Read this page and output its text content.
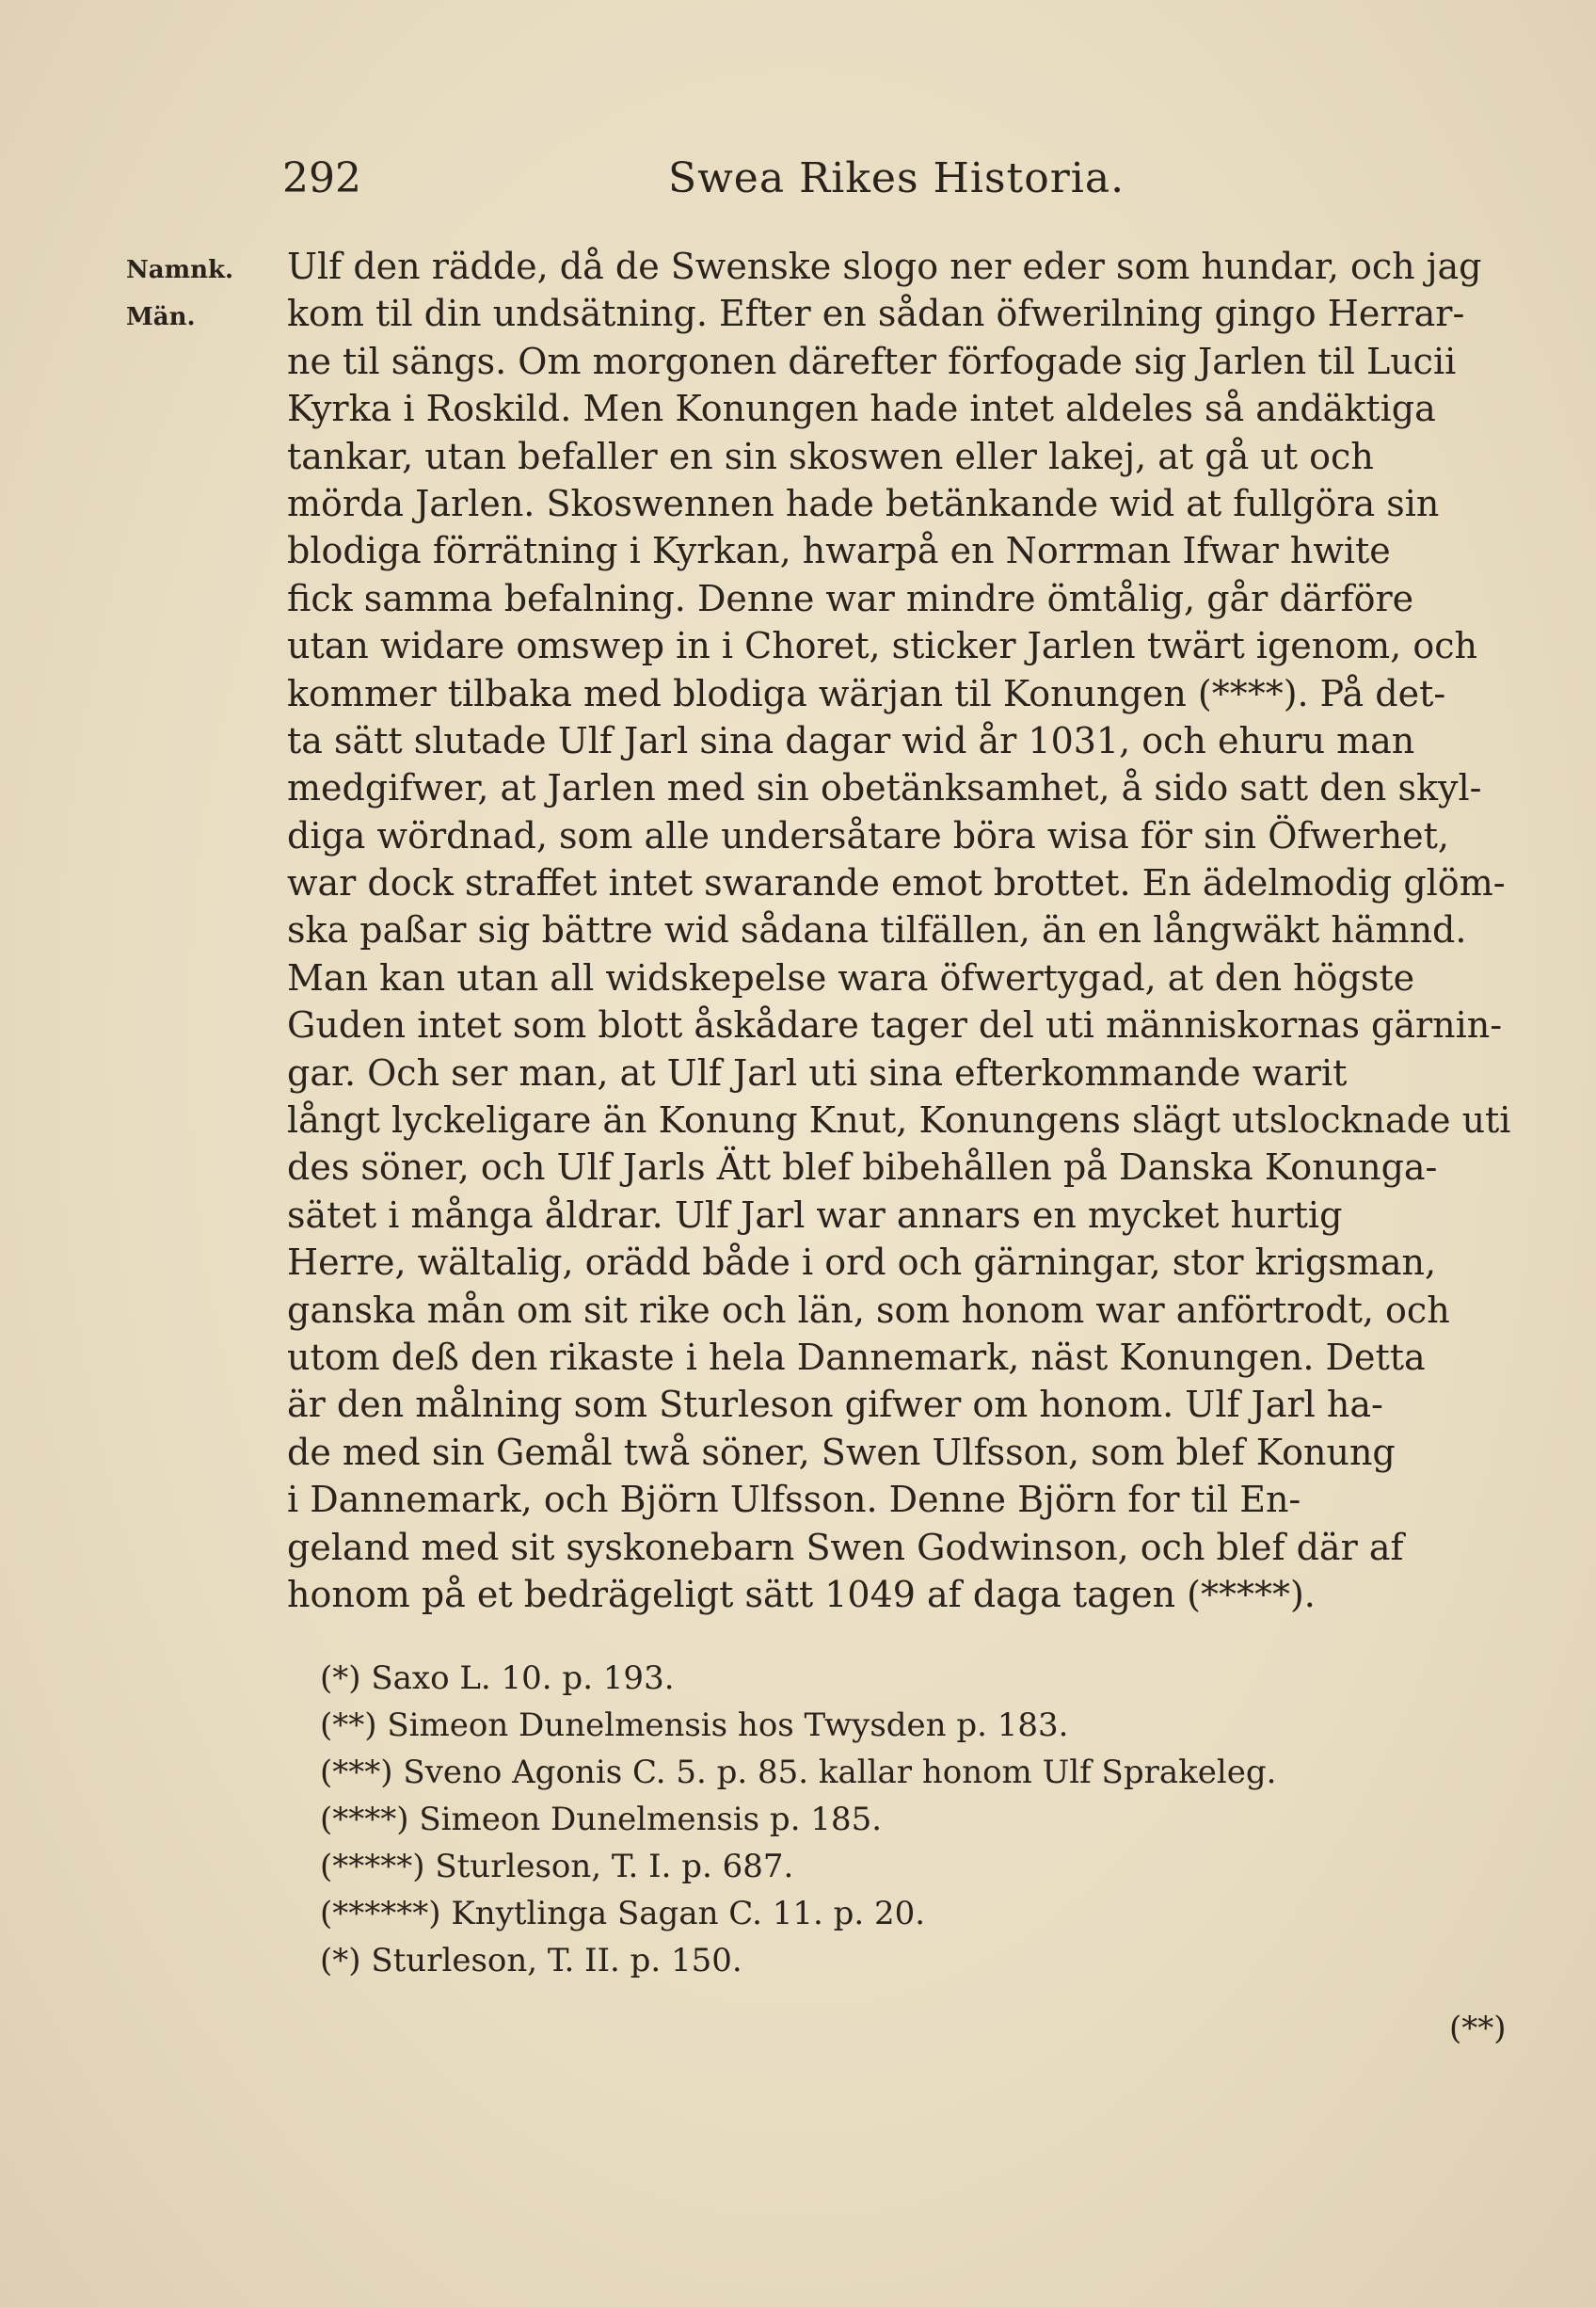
292	Swea Rikes Historia.
Namnk.
Män.
Ulf den rädde, då de Swenske slogo ner eder som hundar, och jag
kom til din undsätning. Efter en sådan öfwerilning gingo Herrar-
ne til sängs. Om morgonen därefter förfogade sig Jarlen til Lucii
Kyrka i Roskild. Men Konungen hade intet aldeles så andäktiga
tankar, utan befaller en sin skoswen eller lakej, at gå ut och
mörda Jarlen. Skoswennen hade betänkande wid at fullgöra sin
blodiga förrätning i Kyrkan, hwarpå en Norrman Ifwar hwite
fick samma befalning. Denne war mindre ömtålig, går därföre
utan widare omswep in i Choret, sticker Jarlen twärt igenom, och
kommer tilbaka med blodiga wärjan til Konungen (****). På det-
ta sätt slutade Ulf Jarl sina dagar wid år 1031, och ehuru man
medgifwer, at Jarlen med sin obetänksamhet, å sido satt den skyl-
diga wördnad, som alle undersåtare böra wisa för sin Öfwerhet,
war dock straffet intet swarande emot brottet. En ädelmodig glöm-
ska paßar sig bättre wid sådana tilfällen, än en långwäkt hämnd.
Man kan utan all widskepelse wara öfwertygad, at den högste
Guden intet som blott åskådare tager del uti människornas gärnin-
gar. Och ser man, at Ulf Jarl uti sina efterkommande warit
långt lyckeligare än Konung Knut, Konungens slägt utslocknade uti
des söner, och Ulf Jarls Ätt blef bibehållen på Danska Konunga-
sätet i många åldrar. Ulf Jarl war annars en mycket hurtig
Herre, wältalig, orädd både i ord och gärningar, stor krigsman,
ganska mån om sit rike och län, som honom war anförtrodt, och
utom deß den rikaste i hela Dannemark, näst Konungen. Detta
är den målning som Sturleson gifwer om honom. Ulf Jarl ha-
de med sin Gemål twå söner, Swen Ulfsson, som blef Konung
i Dannemark, och Björn Ulfsson. Denne Björn for til En-
geland med sit syskonebarn Swen Godwinson, och blef där af
honom på et bedrägeligt sätt 1049 af daga tagen (*****).
(*) Saxo L. 10. p. 193.
(**) Simeon Dunelmensis hos Twysden p. 183.
(***) Sveno Agonis C. 5. p. 85. kallar honom Ulf Sprakeleg.
(****) Simeon Dunelmensis p. 185.
(*****) Sturleson, T. I. p. 687.
(******) Knytlinga Sagan C. 11. p. 20.
(*) Sturleson, T. II. p. 150.
(**)
